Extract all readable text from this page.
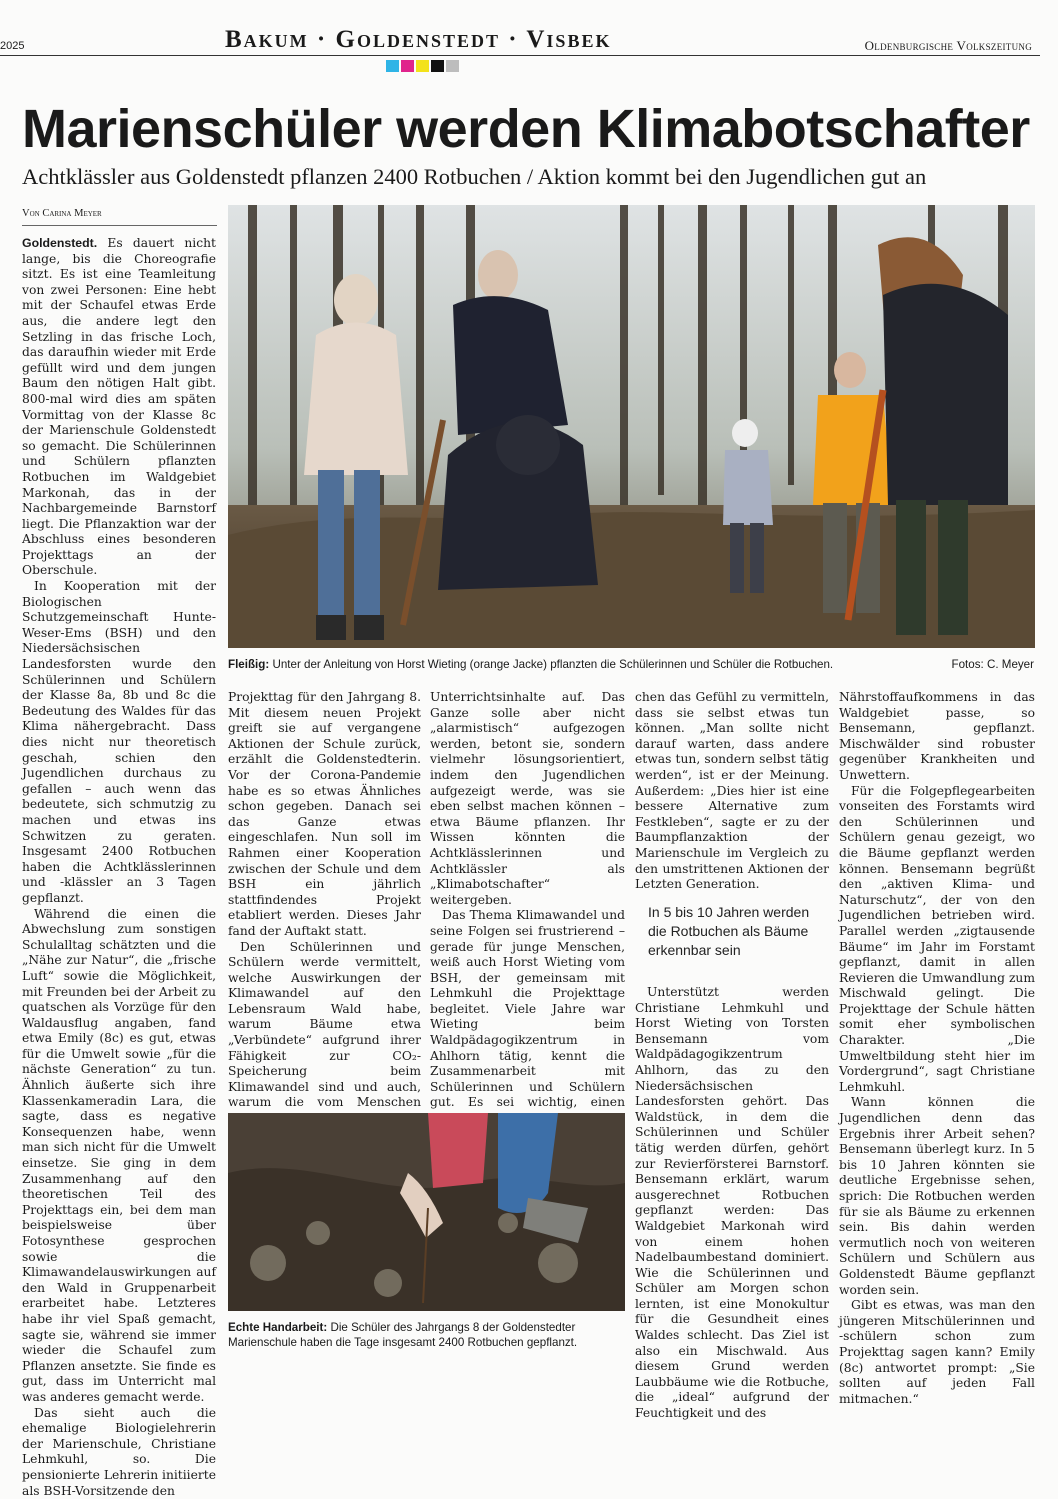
2025	Bakum · Goldenstedt · Visbek	Oldenburgische Volkszeitung
Marienschüler werden Klimabotschafter
Achtklässler aus Goldenstedt pflanzen 2400 Rotbuchen / Aktion kommt bei den Jugendlichen gut an
Von Carina Meyer

Goldenstedt. Es dauert nicht lange, bis die Choreografie sitzt. Es ist eine Teamleitung von zwei Personen: Eine hebt mit der Schaufel etwas Erde aus, die andere legt den Setzling in das frische Loch, das daraufhin wieder mit Erde gefüllt wird und dem jungen Baum den nötigen Halt gibt. 800-mal wird dies am späten Vormittag von der Klasse 8c der Marienschule Goldenstedt so gemacht. Die Schülerinnen und Schülern pflanzten Rotbuchen im Waldgebiet Markonah, das in der Nachbargemeinde Barnstorf liegt. Die Pflanzaktion war der Abschluss eines besonderen Projekttags an der Oberschule.

In Kooperation mit der Biologischen Schutzgemeinschaft Hunte-Weser-Ems (BSH) und den Niedersächsischen Landesforsten wurde den Schülerinnen und Schülern der Klasse 8a, 8b und 8c die Bedeutung des Waldes für das Klima nähergebracht. Dass dies nicht nur theoretisch geschah, schien den Jugendlichen durchaus zu gefallen – auch wenn das bedeutete, sich schmutzig zu machen und etwas ins Schwitzen zu geraten. Insgesamt 2400 Rotbuchen haben die Achtklässlerinnen und -klässler an 3 Tagen gepflanzt.

Während die einen die Abwechslung zum sonstigen Schulalltag schätzten und die „Nähe zur Natur“, die „frische Luft“ sowie die Möglichkeit, mit Freunden bei der Arbeit zu quatschen als Vorzüge für den Waldausflug angaben, fand etwa Emily (8c) es gut, etwas für die Umwelt sowie „für die nächste Generation“ zu tun. Ähnlich äußerte sich ihre Klassenkameradin Lara, die sagte, dass es negative Konsequenzen habe, wenn man sich nicht für die Umwelt einsetze. Sie ging in dem Zusammenhang auf den theoretischen Teil des Projekttags ein, bei dem man beispielsweise über Fotosynthese gesprochen sowie die Klimawandelauswirkungen auf den Wald in Gruppenarbeit erarbeitet habe. Letzteres habe ihr viel Spaß gemacht, sagte sie, während sie immer wieder die Schaufel zum Pflanzen ansetzte. Sie finde es gut, dass im Unterricht mal was anderes gemacht werde.

Das sieht auch die ehemalige Biologielehrerin der Marienschule, Christiane Lehmkuhl, so. Die pensionierte Lehrerin initiierte als BSH-Vorsitzende den

Fleißig: Unter der Anleitung von Horst Wieting (orange Jacke) pflanzten die Schülerinnen und Schüler die Rotbuchen.	Fotos: C. Meyer

Projekttag für den Jahrgang 8. Mit diesem neuen Projekt greift sie auf vergangene Aktionen der Schule zurück, erzählt die Goldenstedterin. Vor der Corona-Pandemie habe es so etwas Ähnliches schon gegeben. Danach sei das Ganze etwas eingeschlafen. Nun soll im Rahmen einer Kooperation zwischen der Schule und dem BSH ein jährlich stattfindendes Projekt etabliert werden. Dieses Jahr fand der Auftakt statt.

Den Schülerinnen und Schülern werde vermittelt, welche Auswirkungen der Klimawandel auf den Lebensraum Wald habe, warum Bäume etwa „Verbündete“ aufgrund ihrer Fähigkeit zur CO₂-Speicherung beim Klimawandel sind und auch, warum die vom Menschen

Unterrichtsinhalte auf. Das Ganze solle aber nicht „alarmistisch“ aufgezogen werden, betont sie, sondern vielmehr lösungsorientiert, indem den Jugendlichen aufgezeigt werde, was sie eben selbst machen können – etwa Bäume pflanzen. Ihr Wissen könnten die Achtklässlerinnen und Achtklässler als „Klimabotschafter“ weitergeben.

Das Thema Klimawandel und seine Folgen sei frustrierend – gerade für junge Menschen, weiß auch Horst Wieting vom BSH, der gemeinsam mit Lehmkuhl die Projekttage begleitet. Viele Jahre war Wieting beim Waldpädagogikzentrum in Ahlhorn tätig, kennt die Zusammenarbeit mit Schülerinnen und Schülern gut. Es sei wichtig, einen

Echte Handarbeit: Die Schüler des Jahrgangs 8 der Goldenstedter Marienschule haben die Tage insgesamt 2400 Rotbuchen gepflanzt.

chen das Gefühl zu vermitteln, dass sie selbst etwas tun können. „Man sollte nicht darauf warten, dass andere etwas tun, sondern selbst tätig werden“, ist er der Meinung. Außerdem: „Dies hier ist eine bessere Alternative zum Festkleben“, sagte er zu der Baumpflanzaktion der Marienschule im Vergleich zu den umstrittenen Aktionen der Letzten Generation.

In 5 bis 10 Jahren werden die Rotbuchen als Bäume erkennbar sein

Unterstützt werden Christiane Lehmkuhl und Horst Wieting von Torsten Bensemann vom Waldpädagogikzentrum Ahlhorn, das zu den Niedersächsischen Landesforsten gehört. Das Waldstück, in dem die Schülerinnen und Schüler tätig werden dürfen, gehört zur Revierförsterei Barnstorf. Bensemann erklärt, warum ausgerechnet Rotbuchen gepflanzt werden: Das Waldgebiet Markonah wird von einem hohen Nadelbaumbestand dominiert. Wie die Schülerinnen und Schüler am Morgen schon lernten, ist eine Monokultur für die Gesundheit eines Waldes schlecht. Das Ziel ist also ein Mischwald. Aus diesem Grund werden Laubbäume wie die Rotbuche, die „ideal“ aufgrund der Feuchtigkeit und des

Nährstoffaufkommens in das Waldgebiet passe, so Bensemann, gepflanzt. Mischwälder sind robuster gegenüber Krankheiten und Unwettern.

Für die Folgepflegearbeiten vonseiten des Forstamts wird den Schülerinnen und Schülern genau gezeigt, wo die Bäume gepflanzt werden können. Bensemann begrüßt den „aktiven Klima- und Naturschutz“, der von den Jugendlichen betrieben wird. Parallel werden „zigtausende Bäume“ im Jahr im Forstamt gepflanzt, damit in allen Revieren die Umwandlung zum Mischwald gelingt. Die Projekttage der Schule hätten somit eher symbolischen Charakter. „Die Umweltbildung steht hier im Vordergrund“, sagt Christiane Lehmkuhl.

Wann können die Jugendlichen denn das Ergebnis ihrer Arbeit sehen? Bensemann überlegt kurz. In 5 bis 10 Jahren könnten sie deutliche Ergebnisse sehen, sprich: Die Rotbuchen werden für sie als Bäume zu erkennen sein. Bis dahin werden vermutlich noch von weiteren Schülern und Schülern aus Goldenstedt Bäume gepflanzt worden sein.

Gibt es etwas, was man den jüngeren Mitschülerinnen und -schülern schon zum Projekttag sagen kann? Emily (8c) antwortet prompt: „Sie sollten auf jeden Fall mitmachen.“
